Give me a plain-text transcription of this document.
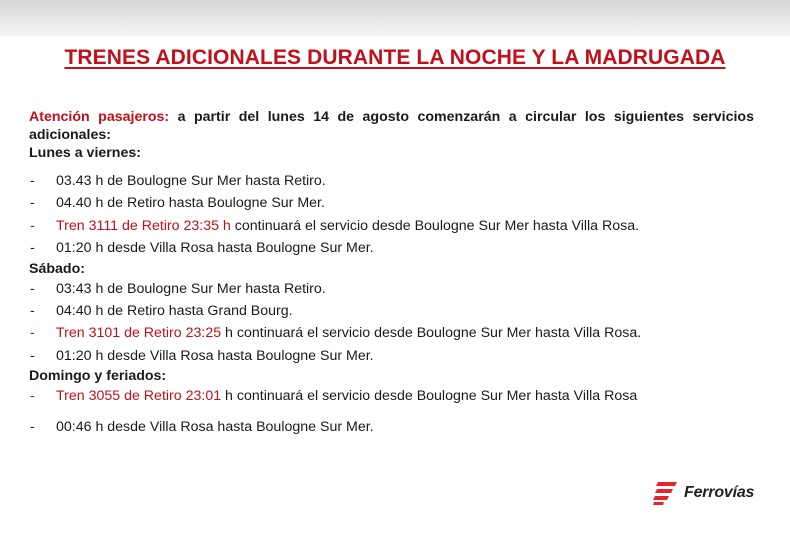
TRENES ADICIONALES DURANTE LA NOCHE Y LA MADRUGADA

Atención pasajeros: a partir del lunes 14 de agosto comenzarán a circular los siguientes servicios adicionales:

Lunes a viernes:

- 03.43 h de Boulogne Sur Mer hasta Retiro.
- 04.40 h de Retiro hasta Boulogne Sur Mer.
- Tren 3111 de Retiro 23:35 h continuará el servicio desde Boulogne Sur Mer hasta Villa Rosa.
- 01:20 h desde Villa Rosa hasta Boulogne Sur Mer.

Sábado:

- 03:43 h de Boulogne Sur Mer hasta Retiro.
- 04:40 h de Retiro hasta Grand Bourg.
- Tren 3101 de Retiro 23:25 h continuará el servicio desde Boulogne Sur Mer hasta Villa Rosa.
- 01:20 h desde Villa Rosa hasta Boulogne Sur Mer.

Domingo y feriados:

- Tren 3055 de Retiro 23:01 h continuará el servicio desde Boulogne Sur Mer hasta Villa Rosa
- 00:46 h desde Villa Rosa hasta Boulogne Sur Mer.
Ferrovías
